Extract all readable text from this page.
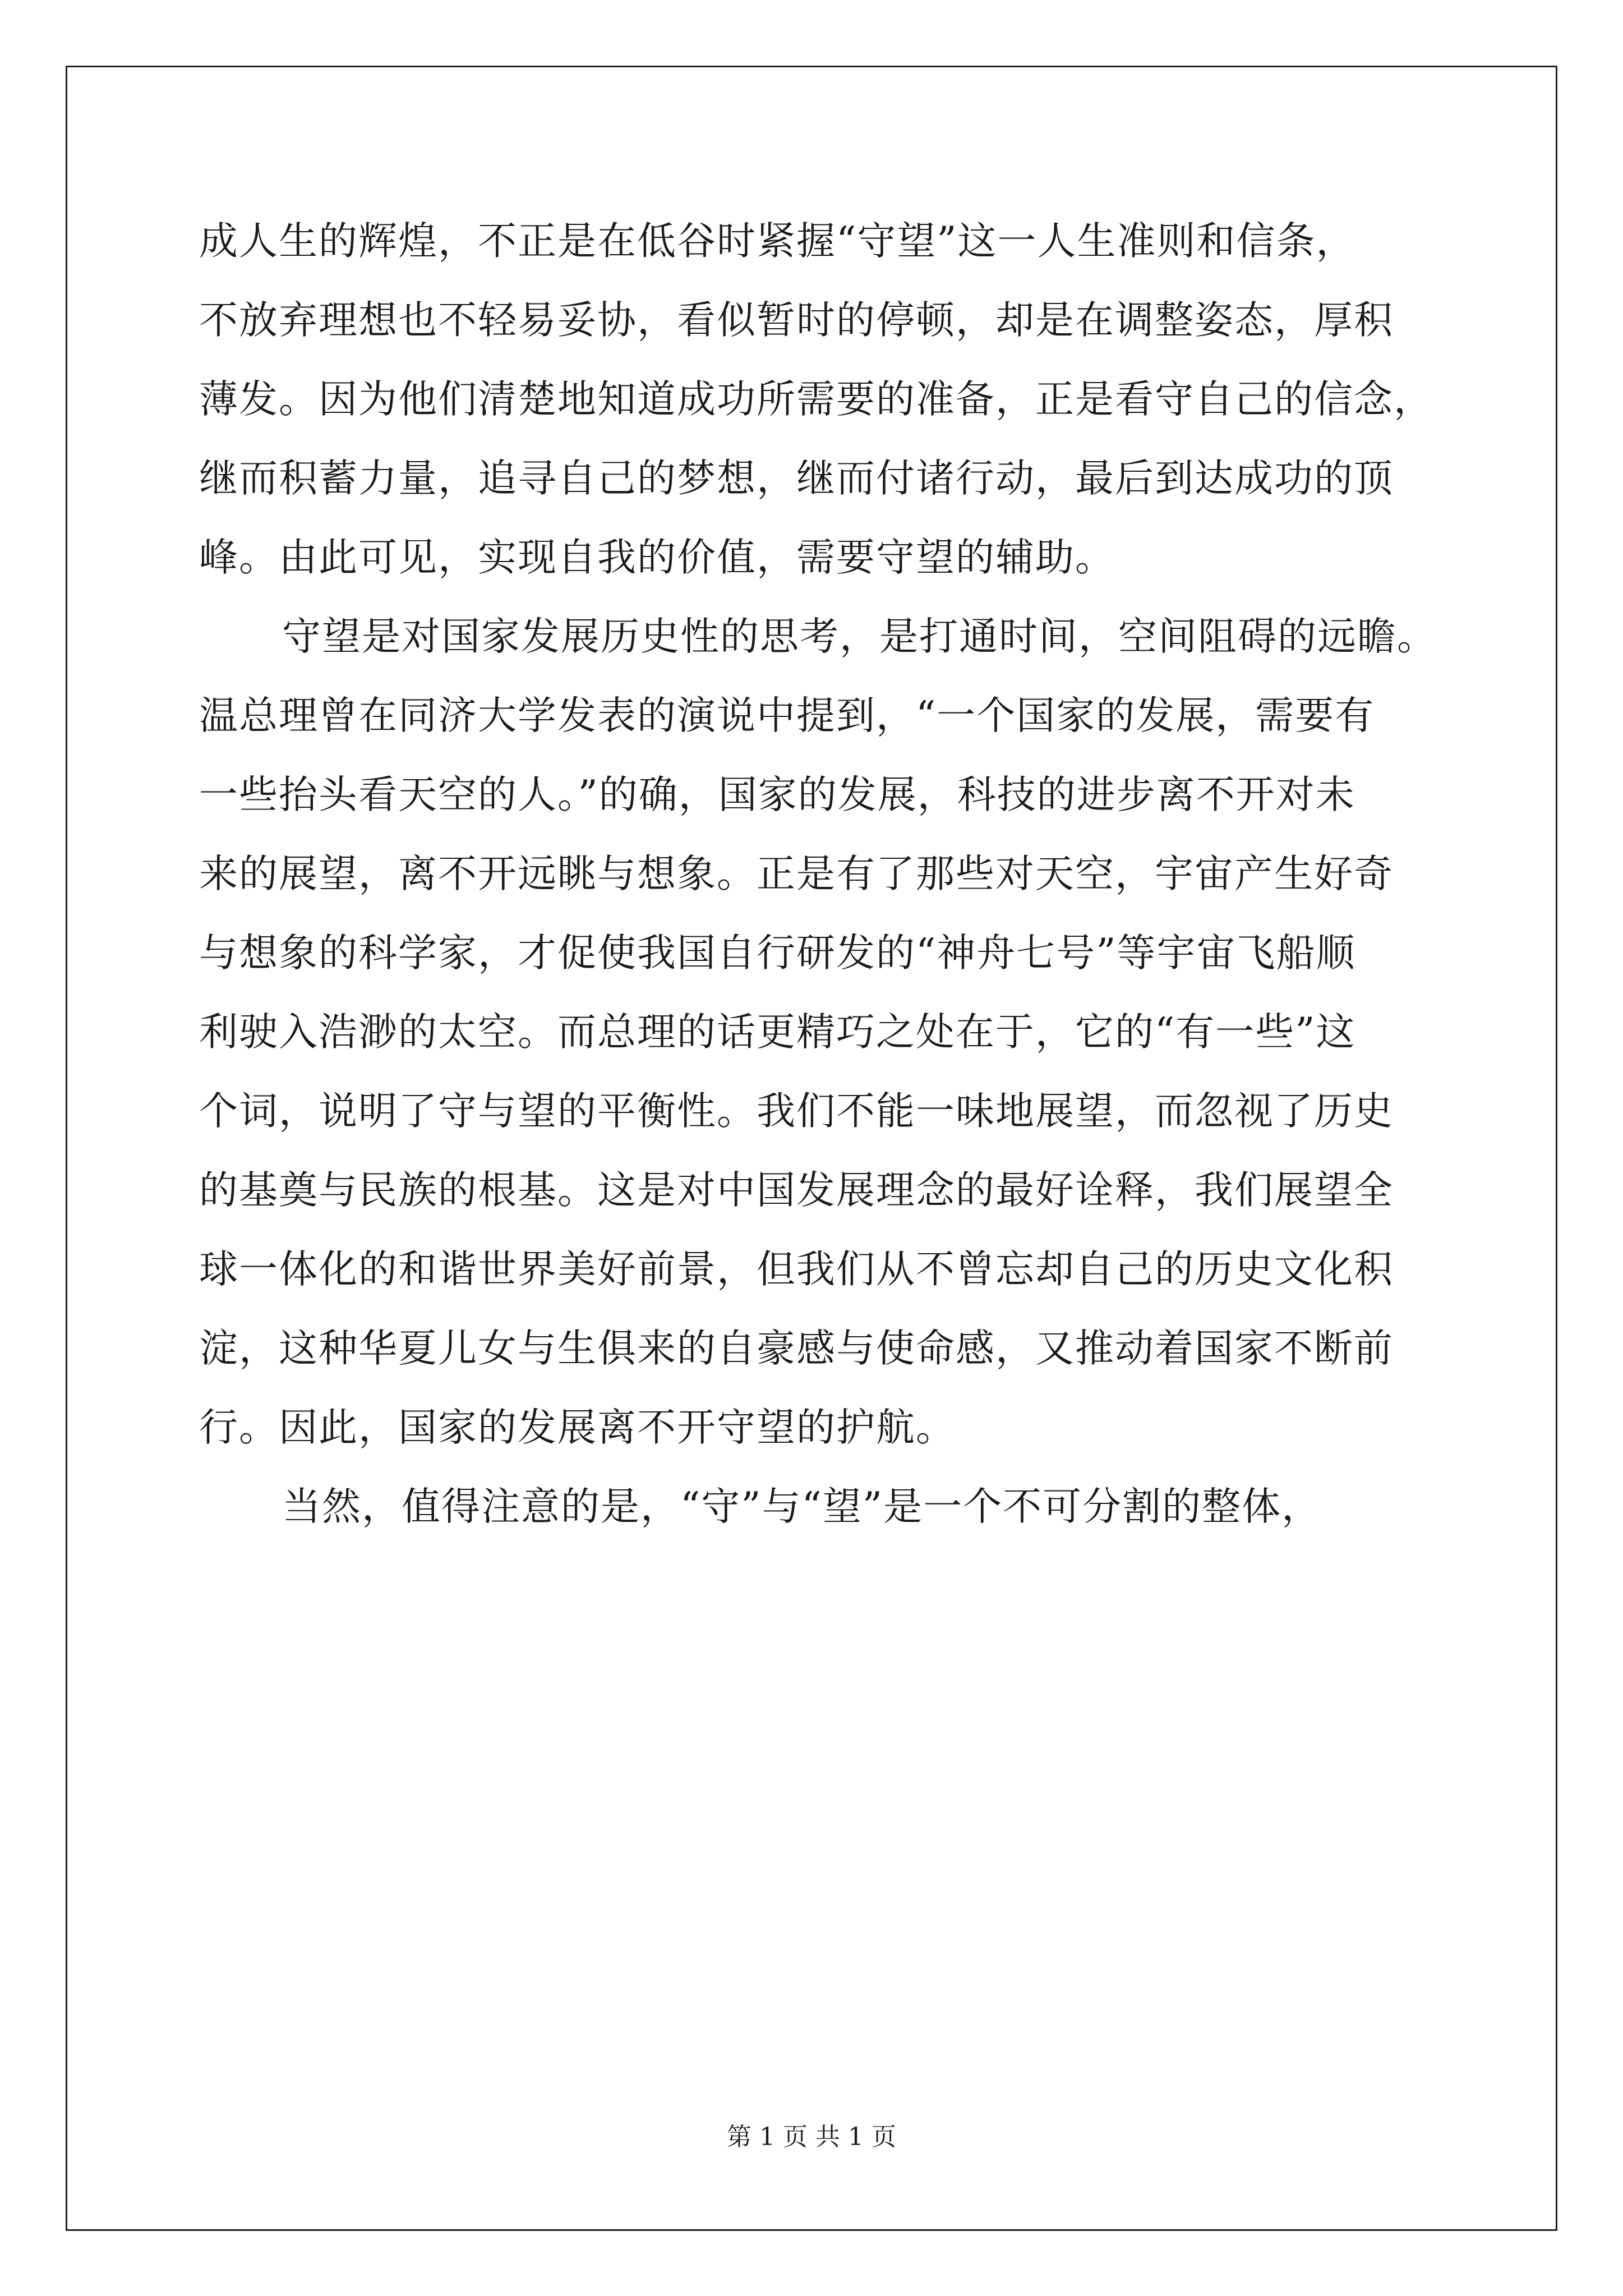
成人生的辉煌，不正是在低谷时紧握“守望”这一人生准则和信条，
不放弃理想也不轻易妥协，看似暂时的停顿，却是在调整姿态，厚积
薄发。因为他们清楚地知道成功所需要的准备，正是看守自己的信念，
继而积蓄力量，追寻自己的梦想，继而付诸行动，最后到达成功的顶
峰。由此可见，实现自我的价值，需要守望的辅助。
守望是对国家发展历史性的思考，是打通时间，空间阻碍的远瞻。
温总理曾在同济大学发表的演说中提到，“一个国家的发展，需要有
一些抬头看天空的人。”的确，国家的发展，科技的进步离不开对未
来的展望，离不开远眺与想象。正是有了那些对天空，宇宙产生好奇
与想象的科学家，才促使我国自行研发的“神舟七号”等宇宙飞船顺
利驶入浩渺的太空。而总理的话更精巧之处在于，它的“有一些”这
个词，说明了守与望的平衡性。我们不能一味地展望，而忽视了历史
的基奠与民族的根基。这是对中国发展理念的最好诠释，我们展望全
球一体化的和谐世界美好前景，但我们从不曾忘却自己的历史文化积
淀，这种华夏儿女与生俱来的自豪感与使命感，又推动着国家不断前
行。因此，国家的发展离不开守望的护航。
当然，值得注意的是，“守”与“望”是一个不可分割的整体，
第 1 页 共 1 页
